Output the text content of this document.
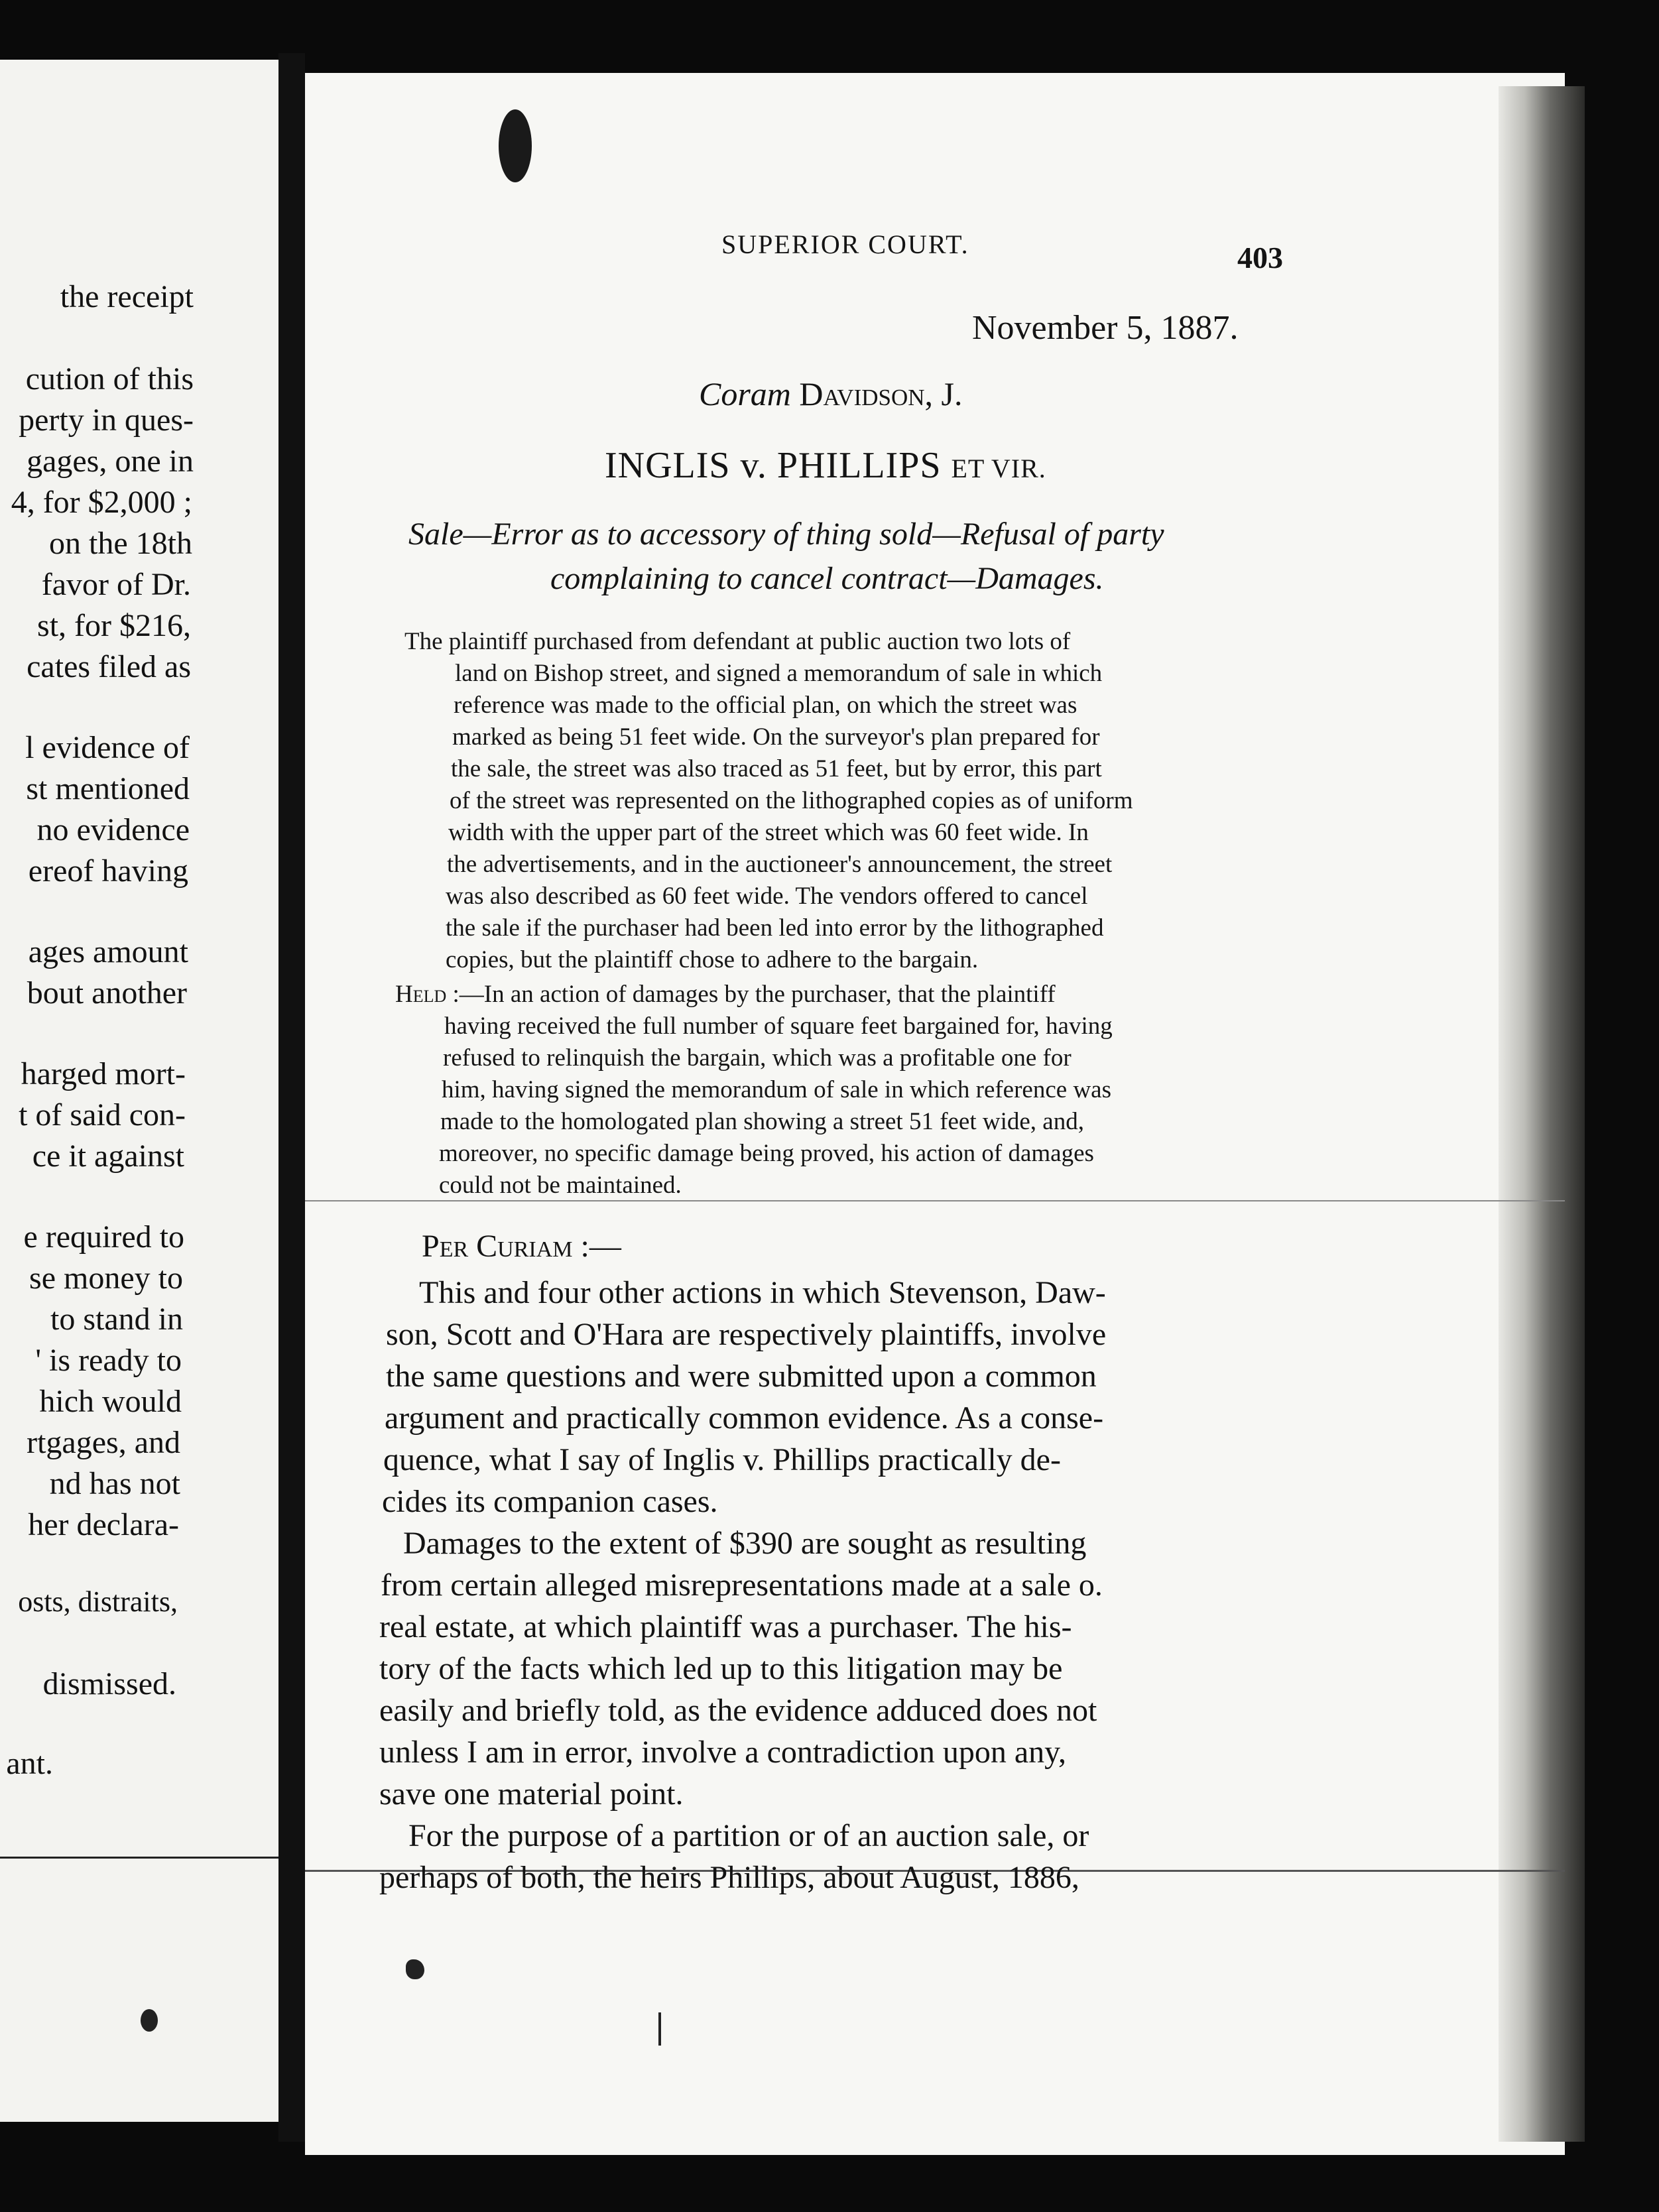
the receipt
cution of this
perty in ques-
gages, one in
4, for $2,000 ;
on the 18th
favor of Dr.
st, for $216,
cates filed as
l evidence of
st mentioned
no evidence
ereof having
ages amount
bout another
harged mort-
t of said con-
ce it against
e required to
se money to
to stand in
' is ready to
hich would
rtgages, and
nd has not
her declara-
osts, distraits,
dismissed.
ant.
SUPERIOR COURT.	403
November 5, 1887.
Coram Davidson, J.
INGLIS v. PHILLIPS ET VIR.
Sale—Error as to accessory of thing sold—Refusal of party
complaining to cancel contract—Damages.
The plaintiff purchased from defendant at public auction two lots of
land on Bishop street, and signed a memorandum of sale in which
reference was made to the official plan, on which the street was
marked as being 51 feet wide. On the surveyor's plan prepared for
the sale, the street was also traced as 51 feet, but by error, this part
of the street was represented on the lithographed copies as of uniform
width with the upper part of the street which was 60 feet wide. In
the advertisements, and in the auctioneer's announcement, the street
was also described as 60 feet wide. The vendors offered to cancel
the sale if the purchaser had been led into error by the lithographed
copies, but the plaintiff chose to adhere to the bargain.
Held :—In an action of damages by the purchaser, that the plaintiff
having received the full number of square feet bargained for, having
refused to relinquish the bargain, which was a profitable one for
him, having signed the memorandum of sale in which reference was
made to the homologated plan showing a street 51 feet wide, and,
moreover, no specific damage being proved, his action of damages
could not be maintained.
Per Curiam :—
This and four other actions in which Stevenson, Daw-
son, Scott and O'Hara are respectively plaintiffs, involve
the same questions and were submitted upon a common
argument and practically common evidence. As a conse-
quence, what I say of Inglis v. Phillips practically de-
cides its companion cases.
Damages to the extent of $390 are sought as resulting
from certain alleged misrepresentations made at a sale o.
real estate, at which plaintiff was a purchaser. The his-
tory of the facts which led up to this litigation may be
easily and briefly told, as the evidence adduced does not
unless I am in error, involve a contradiction upon any,
save one material point.
For the purpose of a partition or of an auction sale, or
perhaps of both, the heirs Phillips, about August, 1886,
